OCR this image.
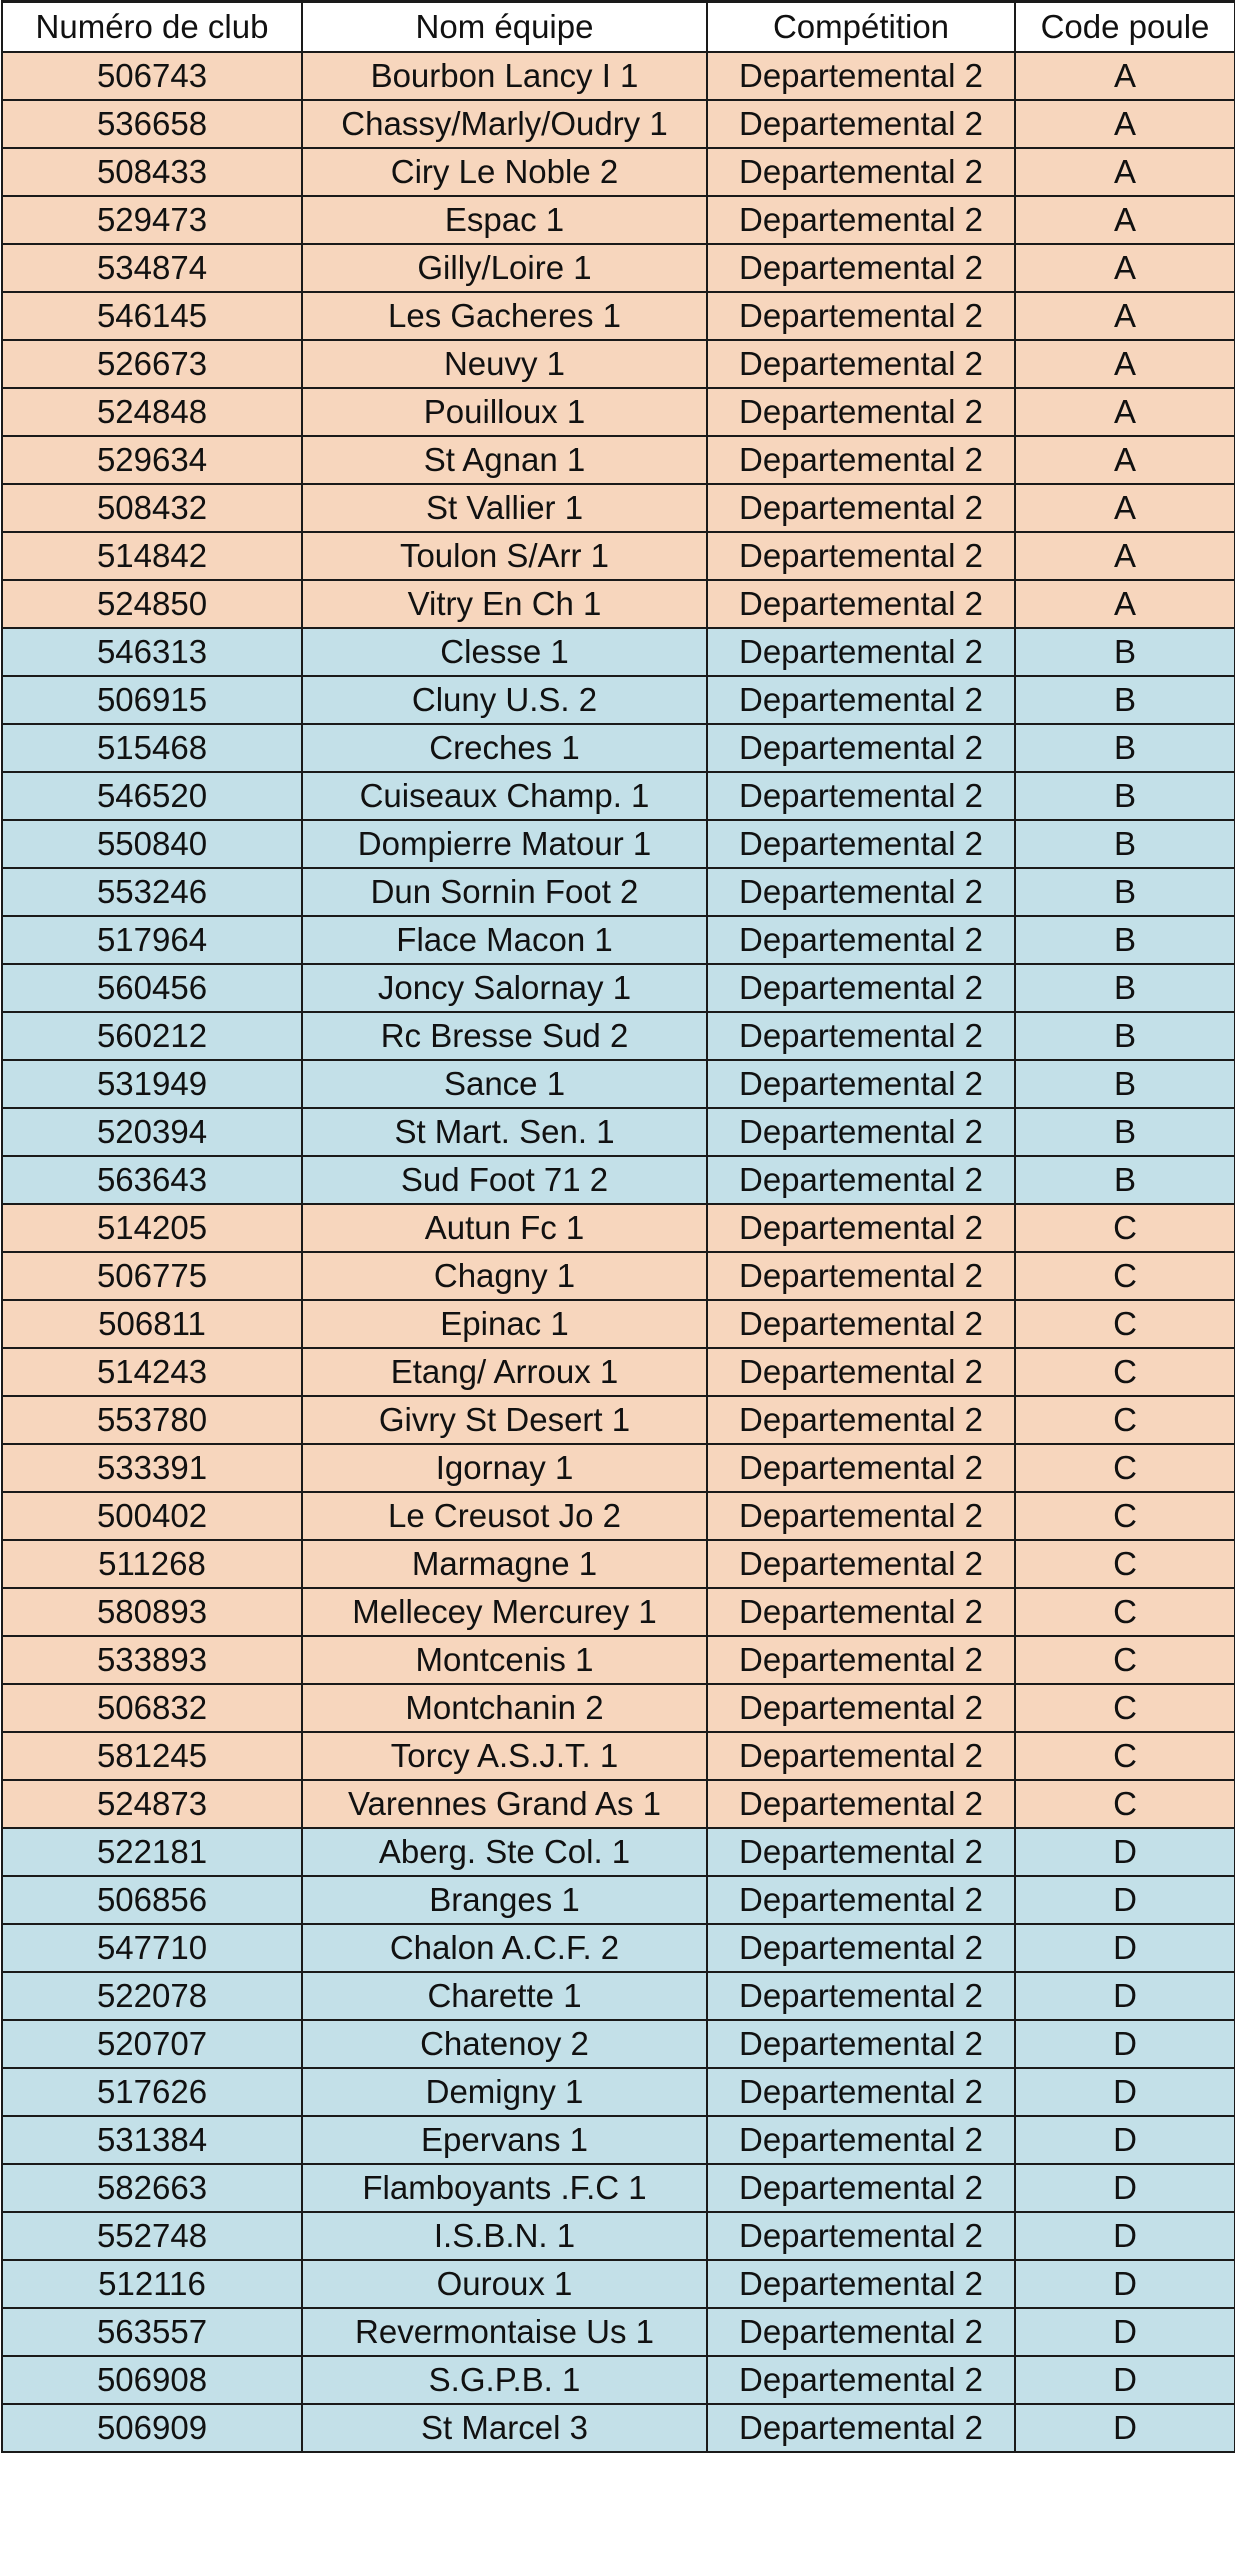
Numéro de club	Nom équipe	Compétition	Code poule
506743	Bourbon Lancy I 1	Departemental 2	A
536658	Chassy/Marly/Oudry 1	Departemental 2	A
508433	Ciry Le Noble 2	Departemental 2	A
529473	Espac 1	Departemental 2	A
534874	Gilly/Loire 1	Departemental 2	A
546145	Les Gacheres 1	Departemental 2	A
526673	Neuvy 1	Departemental 2	A
524848	Pouilloux 1	Departemental 2	A
529634	St Agnan 1	Departemental 2	A
508432	St Vallier 1	Departemental 2	A
514842	Toulon S/Arr 1	Departemental 2	A
524850	Vitry En Ch 1	Departemental 2	A
546313	Clesse 1	Departemental 2	B
506915	Cluny U.S. 2	Departemental 2	B
515468	Creches 1	Departemental 2	B
546520	Cuiseaux Champ. 1	Departemental 2	B
550840	Dompierre Matour 1	Departemental 2	B
553246	Dun Sornin Foot 2	Departemental 2	B
517964	Flace Macon 1	Departemental 2	B
560456	Joncy Salornay 1	Departemental 2	B
560212	Rc Bresse Sud 2	Departemental 2	B
531949	Sance 1	Departemental 2	B
520394	St Mart. Sen. 1	Departemental 2	B
563643	Sud Foot 71 2	Departemental 2	B
514205	Autun Fc 1	Departemental 2	C
506775	Chagny 1	Departemental 2	C
506811	Epinac 1	Departemental 2	C
514243	Etang/ Arroux 1	Departemental 2	C
553780	Givry St Desert 1	Departemental 2	C
533391	Igornay 1	Departemental 2	C
500402	Le Creusot Jo 2	Departemental 2	C
511268	Marmagne 1	Departemental 2	C
580893	Mellecey Mercurey 1	Departemental 2	C
533893	Montcenis 1	Departemental 2	C
506832	Montchanin 2	Departemental 2	C
581245	Torcy A.S.J.T. 1	Departemental 2	C
524873	Varennes Grand As 1	Departemental 2	C
522181	Aberg. Ste Col. 1	Departemental 2	D
506856	Branges 1	Departemental 2	D
547710	Chalon A.C.F. 2	Departemental 2	D
522078	Charette 1	Departemental 2	D
520707	Chatenoy 2	Departemental 2	D
517626	Demigny 1	Departemental 2	D
531384	Epervans 1	Departemental 2	D
582663	Flamboyants .F.C 1	Departemental 2	D
552748	I.S.B.N. 1	Departemental 2	D
512116	Ouroux 1	Departemental 2	D
563557	Revermontaise Us 1	Departemental 2	D
506908	S.G.P.B. 1	Departemental 2	D
506909	St Marcel 3	Departemental 2	D
